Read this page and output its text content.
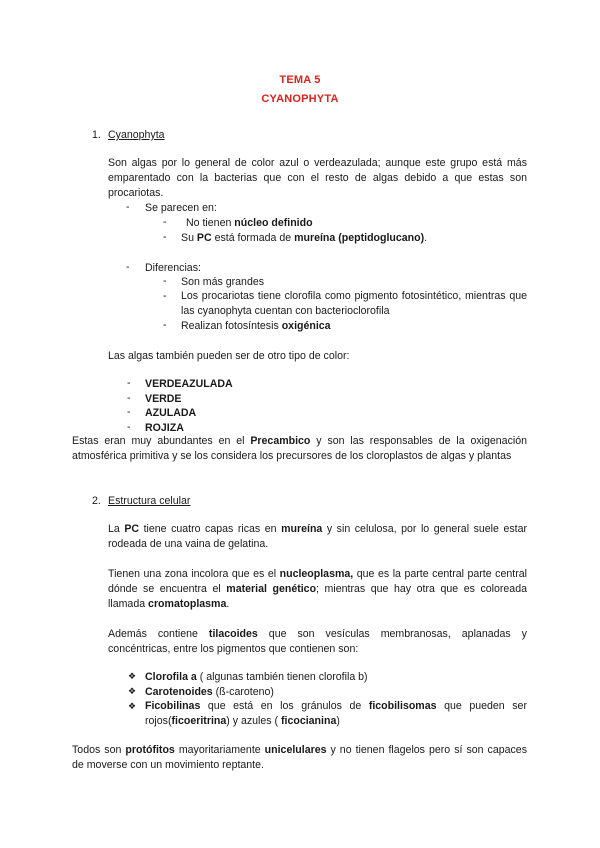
TEMA 5
CYANOPHYTA
1. Cyanophyta
Son algas por lo general de color azul o verdeazulada; aunque este grupo está más emparentado con la bacterias que con el resto de algas debido a que estas son procariotas.
- Se parecen en:
- No tienen núcleo definido
- Su PC está formada de mureína (peptidoglucano).
- Diferencias:
- Son más grandes
- Los procariotas tiene clorofila como pigmento fotosintético, mientras que las cyanophyta cuentan con bacterioclorofila
- Realizan fotosíntesis oxigénica
Las algas también pueden ser de otro tipo de color:
- VERDEAZULADA
- VERDE
- AZULADA
- ROJIZA
Estas eran muy abundantes en el Precambico y son las responsables de la oxigenación atmosférica primitiva y se los considera los precursores de los cloroplastos de algas y plantas
2. Estructura celular
La PC tiene cuatro capas ricas en mureína y sin celulosa, por lo general suele estar rodeada de una vaina de gelatina.
Tienen una zona incolora que es el nucleoplasma, que es la parte central parte central dónde se encuentra el material genético; mientras que hay otra que es coloreada llamada cromatoplasma.
Además contiene tilacoides que son vesículas membranosas, aplanadas y concéntricas, entre los pigmentos que contienen son:
❖ Clorofila a ( algunas también tienen clorofila b)
❖ Carotenoides (ß-caroteno)
❖ Ficobilinas que está en los gránulos de ficobilisomas que pueden ser rojos(ficoeritrina) y azules ( ficocianina)
Todos son protófitos mayoritariamente unicelulares y no tienen flagelos pero sí son capaces de moverse con un movimiento reptante.
